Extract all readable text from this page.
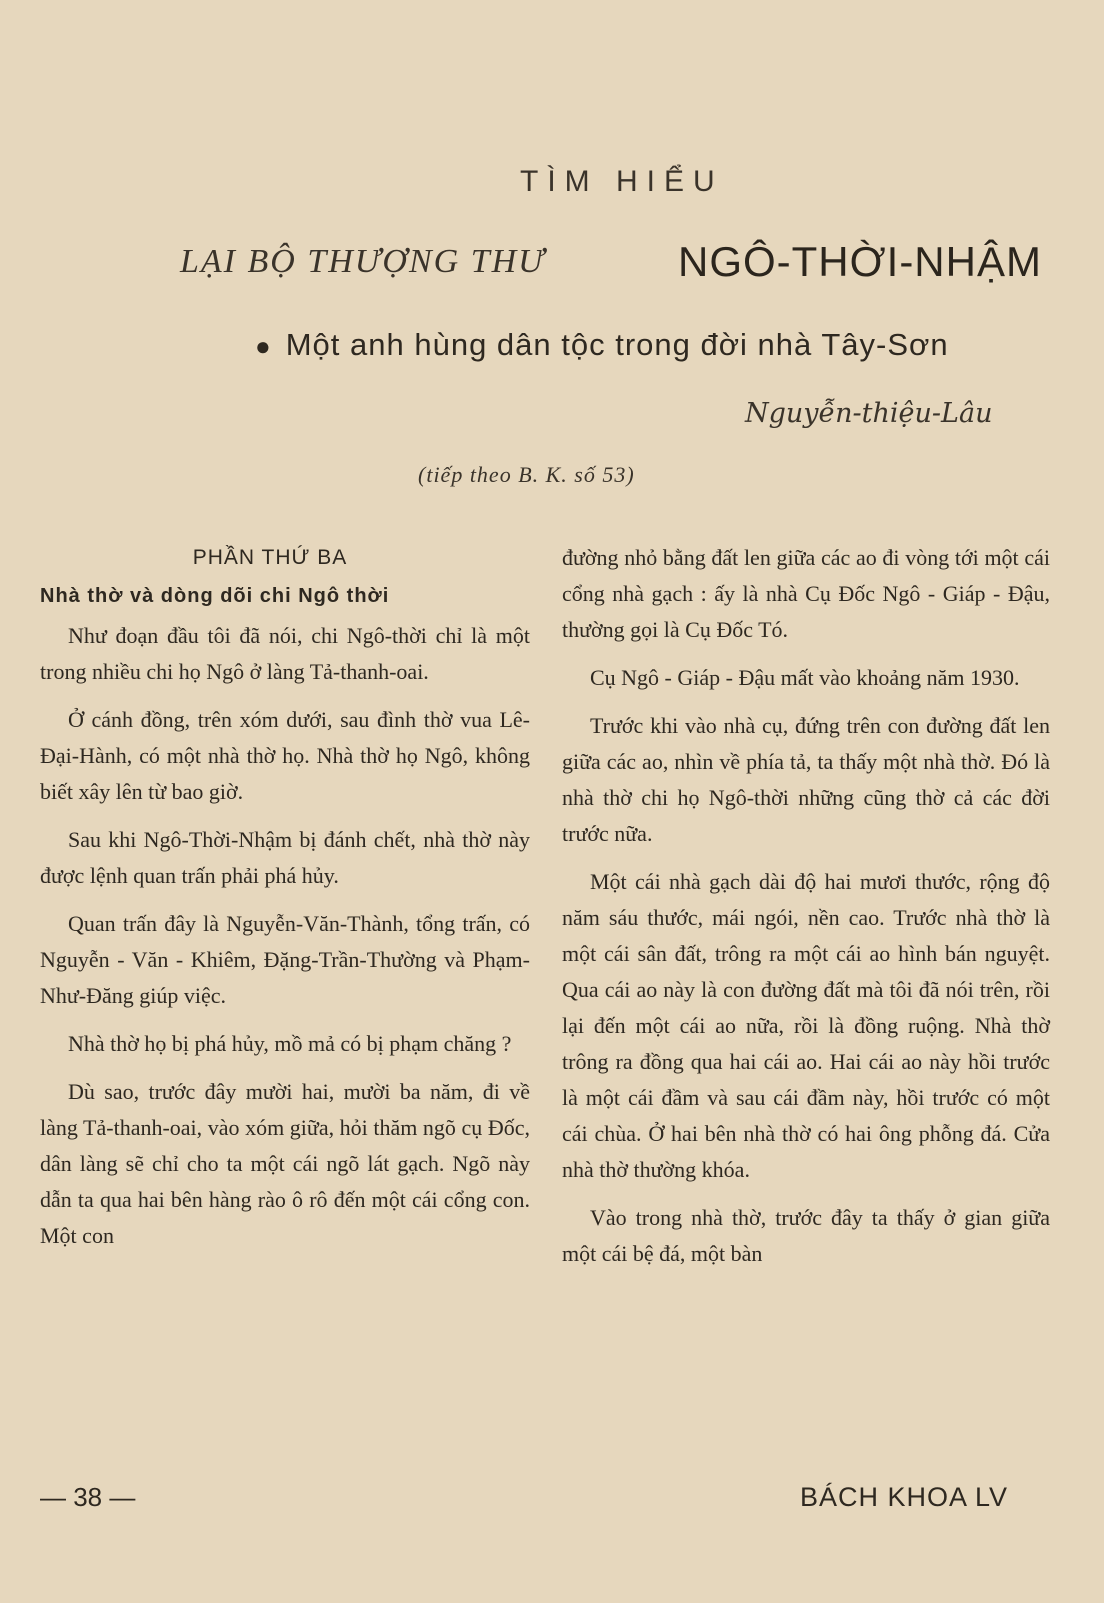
TÌM HIỂU
LẠI BỘ THƯỢNG THƯ	NGÔ-THỜI-NHẬM
● Một anh hùng dân tộc trong đời nhà Tây-Sơn
Nguyễn-thiệu-Lâu
(tiếp theo B. K. số 53)
PHẦN THỨ BA
Nhà thờ và dòng dõi chi Ngô thời

Như đoạn đầu tôi đã nói, chi Ngô-thời chỉ là một trong nhiều chi họ Ngô ở làng Tả-thanh-oai.

Ở cánh đồng, trên xóm dưới, sau đình thờ vua Lê-Đại-Hành, có một nhà thờ họ. Nhà thờ họ Ngô, không biết xây lên từ bao giờ.

Sau khi Ngô-Thời-Nhậm bị đánh chết, nhà thờ này được lệnh quan trấn phải phá hủy.

Quan trấn đây là Nguyễn-Văn-Thành, tổng trấn, có Nguyễn - Văn - Khiêm, Đặng-Trần-Thường và Phạm-Như-Đăng giúp việc.

Nhà thờ họ bị phá hủy, mồ mả có bị phạm chăng ?

Dù sao, trước đây mười hai, mười ba năm, đi về làng Tả-thanh-oai, vào xóm giữa, hỏi thăm ngõ cụ Đốc, dân làng sẽ chỉ cho ta một cái ngõ lát gạch. Ngõ này dẫn ta qua hai bên hàng rào ô rô đến một cái cổng con. Một con

đường nhỏ bằng đất len giữa các ao đi vòng tới một cái cổng nhà gạch : ấy là nhà Cụ Đốc Ngô - Giáp - Đậu, thường gọi là Cụ Đốc Tó.

Cụ Ngô - Giáp - Đậu mất vào khoảng năm 1930.

Trước khi vào nhà cụ, đứng trên con đường đất len giữa các ao, nhìn về phía tả, ta thấy một nhà thờ. Đó là nhà thờ chi họ Ngô-thời những cũng thờ cả các đời trước nữa.

Một cái nhà gạch dài độ hai mươi thước, rộng độ năm sáu thước, mái ngói, nền cao. Trước nhà thờ là một cái sân đất, trông ra một cái ao hình bán nguyệt. Qua cái ao này là con đường đất mà tôi đã nói trên, rồi lại đến một cái ao nữa, rồi là đồng ruộng. Nhà thờ trông ra đồng qua hai cái ao. Hai cái ao này hồi trước là một cái đầm và sau cái đầm này, hồi trước có một cái chùa. Ở hai bên nhà thờ có hai ông phỗng đá. Cửa nhà thờ thường khóa.

Vào trong nhà thờ, trước đây ta thấy ở gian giữa một cái bệ đá, một bàn

— 38 —	BÁCH KHOA LV
